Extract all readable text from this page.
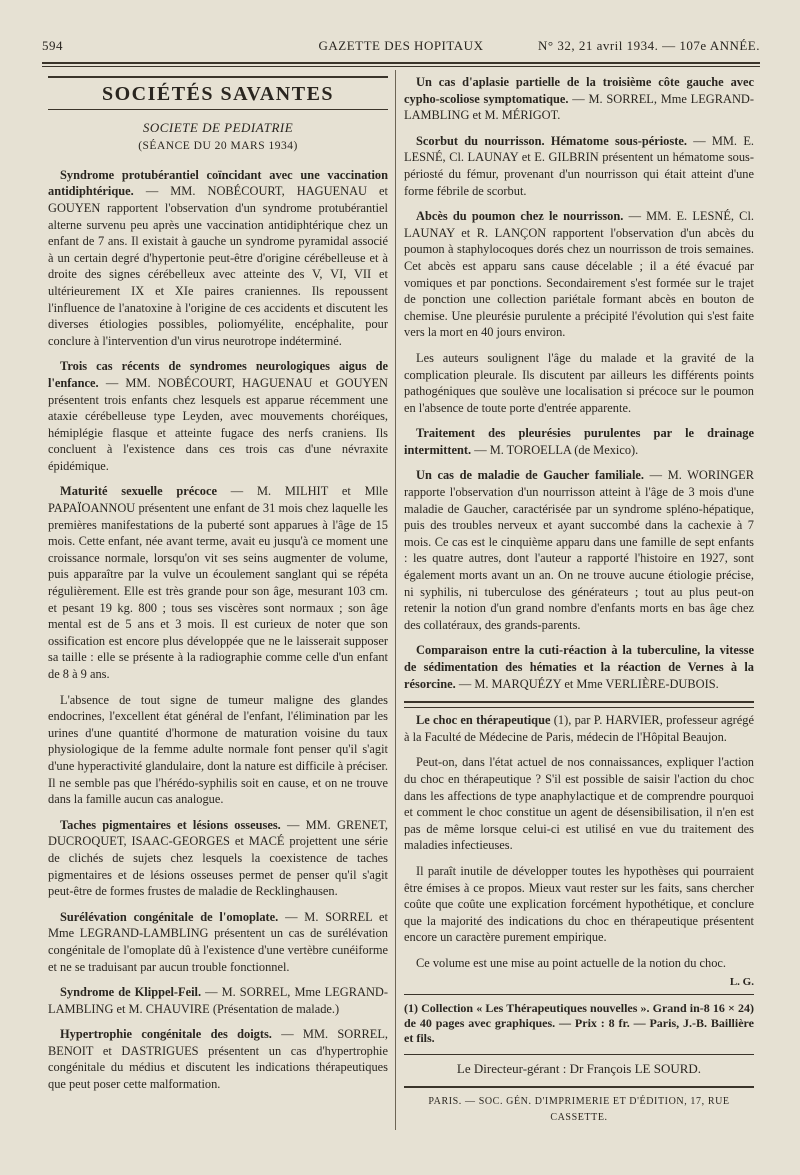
594	GAZETTE DES HOPITAUX	N° 32, 21 avril 1934. — 107e ANNÉE.
SOCIÉTÉS SAVANTES
SOCIETE DE PEDIATRIE
(SÉANCE DU 20 MARS 1934)

Syndrome protubérantiel coïncidant avec une vaccination antidiphtérique. — MM. NOBÉCOURT, HAGUENAU et GOUYEN rapportent l'observation d'un syndrome protubérantiel alterne survenu peu après une vaccination antidiphtérique chez un enfant de 7 ans. Il existait à gauche un syndrome pyramidal associé à un certain degré d'hypertonie peut-être d'origine cérébelleuse et à droite des signes cérébelleux avec atteinte des V, VI, VII et ultérieurement IX et XIe paires craniennes. Ils repoussent l'influence de l'anatoxine à l'origine de ces accidents et discutent les diverses étiologies possibles, poliomyélite, encéphalite, pour conclure à l'intervention d'un virus neurotrope indéterminé.

Trois cas récents de syndromes neurologiques aigus de l'enfance. — MM. NOBÉCOURT, HAGUENAU et GOUYEN présentent trois enfants chez lesquels est apparue récemment une ataxie cérébelleuse type Leyden, avec mouvements choréiques, hémiplégie flasque et atteinte fugace des nerfs craniens. Ils concluent à l'existence dans ces trois cas d'une névraxite épidémique.

Maturité sexuelle précoce — M. MILHIT et Mlle PAPAÏOANNOU présentent une enfant de 31 mois chez laquelle les premières manifestations de la puberté sont apparues à l'âge de 15 mois. Cette enfant, née avant terme, avait eu jusqu'à ce moment une croissance normale, lorsqu'on vit ses seins augmenter de volume, puis apparaître par la vulve un écoulement sanglant qui se répéta régulièrement. Elle est très grande pour son âge, mesurant 103 cm. et pesant 19 kg. 800 ; tous ses viscères sont normaux ; son âge mental est de 5 ans et 3 mois. Il est curieux de noter que son ossification est encore plus développée que ne le laisserait supposer sa taille : elle se présente à la radiographie comme celle d'un enfant de 8 à 9 ans.

L'absence de tout signe de tumeur maligne des glandes endocrines, l'excellent état général de l'enfant, l'élimination par les urines d'une quantité d'hormone de maturation voisine du taux physiologique de la femme adulte normale font penser qu'il s'agit d'une hyperactivité glandulaire, dont la nature est difficile à préciser. Il ne semble pas que l'hérédo-syphilis soit en cause, et on ne trouve dans la famille aucun cas analogue.

Taches pigmentaires et lésions osseuses. — MM. GRENET, DUCROQUET, ISAAC-GEORGES et MACÉ projettent une série de clichés de sujets chez lesquels la coexistence de taches pigmentaires et de lésions osseuses permet de penser qu'il s'agit peut-être de formes frustes de maladie de Recklinghausen.

Surélévation congénitale de l'omoplate. — M. SORREL et Mme LEGRAND-LAMBLING présentent un cas de surélévation congénitale de l'omoplate dû à l'existence d'une vertèbre cunéiforme et ne se traduisant par aucun trouble fonctionnel.

Syndrome de Klippel-Feil. — M. SORREL, Mme LEGRAND-LAMBLING et M. CHAUVIRE (Présentation de malade.)

Hypertrophie congénitale des doigts. — MM. SORREL, BENOIT et DASTRIGUES présentent un cas d'hypertrophie congénitale du médius et discutent les indications thérapeutiques que peut poser cette malformation.

Un cas d'aplasie partielle de la troisième côte gauche avec cypho-scoliose symptomatique. — M. SORREL, Mme LEGRAND-LAMBLING et M. MÉRIGOT.

Scorbut du nourrisson. Hématome sous-périoste. — MM. E. LESNÉ, Cl. LAUNAY et E. GILBRIN présentent un hématome sous-périosté du fémur, provenant d'un nourrisson qui était atteint d'une forme fébrile de scorbut.

Abcès du poumon chez le nourrisson. — MM. E. LESNÉ, Cl. LAUNAY et R. LANÇON rapportent l'observation d'un abcès du poumon à staphylocoques dorés chez un nourrisson de trois semaines. Cet abcès est apparu sans cause décelable ; il a été évacué par vomiques et par ponctions. Secondairement s'est formée sur le trajet de ponction une collection pariétale formant abcès en bouton de chemise. Une pleurésie purulente a précipité l'évolution qui s'est faite vers la mort en 40 jours environ.

Les auteurs soulignent l'âge du malade et la gravité de la complication pleurale. Ils discutent par ailleurs les différents points pathogéniques que soulève une localisation si précoce sur le poumon en l'absence de toute porte d'entrée apparente.

Traitement des pleurésies purulentes par le drainage intermittent. — M. TOROELLA (de Mexico).

Un cas de maladie de Gaucher familiale. — M. WORINGER rapporte l'observation d'un nourrisson atteint à l'âge de 3 mois d'une maladie de Gaucher, caractérisée par un syndrome spléno-hépatique, puis des troubles nerveux et ayant succombé dans la cachexie à 7 mois. Ce cas est le cinquième apparu dans une famille de sept enfants : les quatre autres, dont l'auteur a rapporté l'histoire en 1927, sont également morts avant un an. On ne trouve aucune étiologie précise, ni syphilis, ni tuberculose des générateurs ; tout au plus peut-on retenir la notion d'un grand nombre d'enfants morts en bas âge chez des collatéraux, des grands-parents.

Comparaison entre la cuti-réaction à la tuberculine, la vitesse de sédimentation des hématies et la réaction de Vernes à la résorcine. — M. MARQUÉZY et Mme VERLIÈRE-DUBOIS.

Le choc en thérapeutique (1), par P. HARVIER, professeur agrégé à la Faculté de Médecine de Paris, médecin de l'Hôpital Beaujon.

Peut-on, dans l'état actuel de nos connaissances, expliquer l'action du choc en thérapeutique ? S'il est possible de saisir l'action du choc dans les affections de type anaphylactique et de comprendre pourquoi et comment le choc constitue un agent de désensibilisation, il n'en est pas de même lorsque celui-ci est utilisé en vue du traitement des maladies infectieuses.

Il paraît inutile de développer toutes les hypothèses qui pourraient être émises à ce propos. Mieux vaut rester sur les faits, sans chercher coûte que coûte une explication forcément hypothétique, et conclure que la majorité des indications du choc en thérapeutique présentent encore un caractère purement empirique.

Ce volume est une mise au point actuelle de la notion du choc.

L. G.
(1) Collection « Les Thérapeutiques nouvelles ». Grand in-8 16 × 24) de 40 pages avec graphiques. — Prix : 8 fr. — Paris, J.-B. Baillière et fils.
Le Directeur-gérant : Dr François LE SOURD.
PARIS. — SOC. GÉN. D'IMPRIMERIE ET D'ÉDITION, 17, RUE CASSETTE.
